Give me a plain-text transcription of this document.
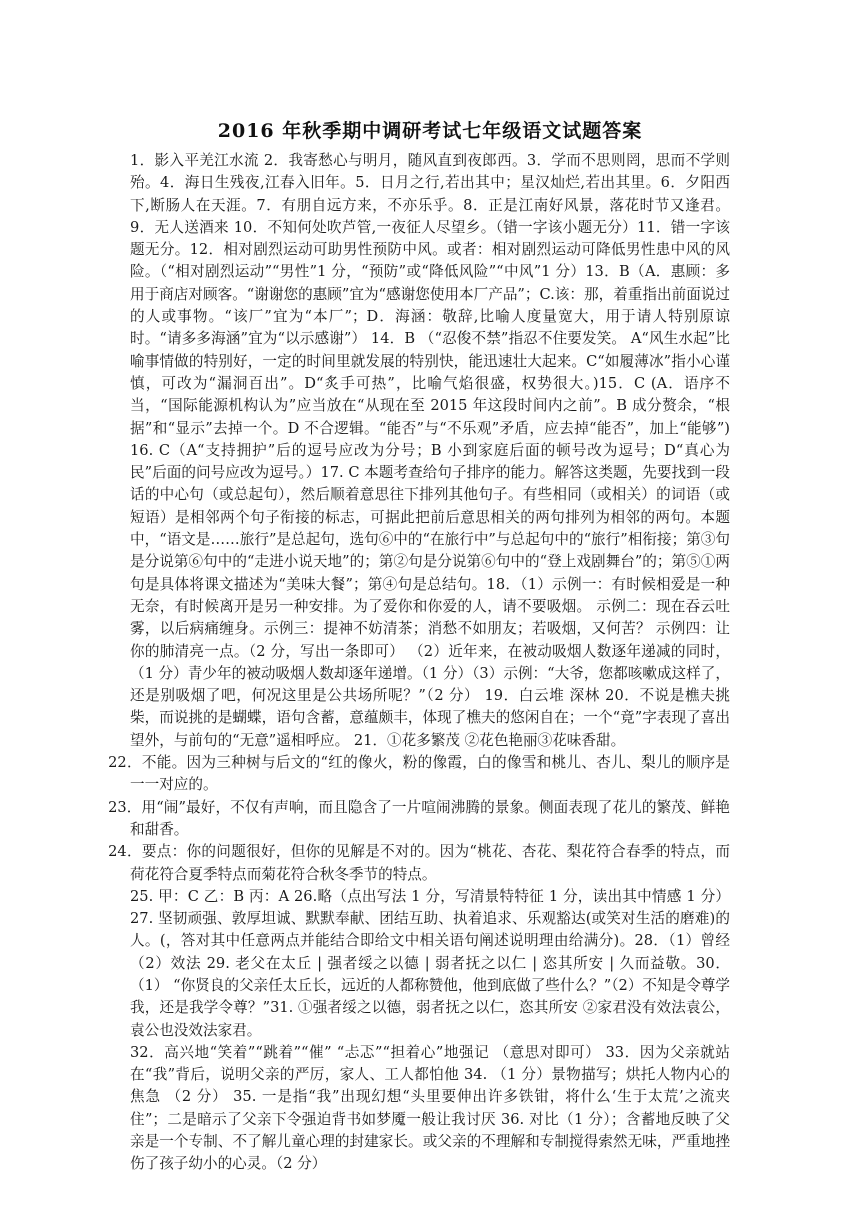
2016 年秋季期中调研考试七年级语文试题答案

1．影入平羌江水流 2．我寄愁心与明月，随风直到夜郎西。3．学而不思则罔，思而不学则殆。4．海日生残夜,江春入旧年。5．日月之行,若出其中；星汉灿烂,若出其里。6．夕阳西下,断肠人在天涯。7．有朋自远方来，不亦乐乎。8．正是江南好风景，落花时节又逢君。9．无人送酒来 10．不知何处吹芦管,一夜征人尽望乡。（错一字该小题无分）11．错一字该题无分。12．相对剧烈运动可助男性预防中风。或者：相对剧烈运动可降低男性患中风的风险。（“相对剧烈运动”“男性”1 分，“预防”或“降低风险”“中风”1 分）13．B（A．惠顾：多用于商店对顾客。“谢谢您的惠顾”宜为“感谢您使用本厂产品”；C.该：那，着重指出前面说过的人或事物。“该厂”宜为“本厂”；D．海涵：敬辞,比喻人度量宽大，用于请人特别原谅时。“请多多海涵”宜为“以示感谢”） 14．B （“忍俊不禁”指忍不住要发笑。 A“风生水起”比喻事情做的特别好，一定的时间里就发展的特别快，能迅速壮大起来。C“如履薄冰”指小心谨慎，可改为“漏洞百出”。D“炙手可热”，比喻气焰很盛，权势很大。)15．C (A．语序不当，“国际能源机构认为”应当放在“从现在至 2015 年这段时间内之前”。B 成分赘余，“根据”和“显示”去掉一个。D 不合逻辑。“能否”与“不乐观”矛盾，应去掉“能否”，加上“能够”) 16. C（A“支持拥护”后的逗号应改为分号；B 小到家庭后面的顿号改为逗号；D“真心为民”后面的问号应改为逗号。）17. C 本题考查给句子排序的能力。解答这类题，先要找到一段话的中心句（或总起句），然后顺着意思往下排列其他句子。有些相同（或相关）的词语（或短语）是相邻两个句子衔接的标志，可据此把前后意思相关的两句排列为相邻的两句。本题中，“语文是……旅行”是总起句，选句⑥中的“在旅行中”与总起句中的“旅行”相衔接；第③句是分说第⑥句中的“走进小说天地”的；第②句是分说第⑥句中的“登上戏剧舞台”的；第⑤①两句是具体将课文描述为“美味大餐”；第④句是总结句。18．（1）示例一：有时候相爱是一种无奈，有时候离开是另一种安排。为了爱你和你爱的人，请不要吸烟。 示例二：现在吞云吐雾，以后病痛缠身。示例三：提神不妨清茶；消愁不如朋友；若吸烟，又何苦？ 示例四：让你的肺清亮一点。（2 分，写出一条即可） （2）近年来，在被动吸烟人数逐年递减的同时，（1 分）青少年的被动吸烟人数却逐年递增。（1 分）（3）示例：“大爷，您都咳嗽成这样了，还是别吸烟了吧，何况这里是公共场所呢？”（2 分） 19．白云堆 深林 20．不说是樵夫挑柴，而说挑的是蝴蝶，语句含蓄，意蕴颇丰，体现了樵夫的悠闲自在；一个“竟”字表现了喜出望外，与前句的“无意”遥相呼应。 21．①花多繁茂 ②花色艳丽③花味香甜。

22．不能。因为三种树与后文的“红的像火，粉的像霞，白的像雪和桃儿、杏儿、梨儿的顺序是一一对应的。

23．用“闹”最好，不仅有声响，而且隐含了一片喧闹沸腾的景象。侧面表现了花儿的繁茂、鲜艳和甜香。

24．要点：你的问题很好，但你的见解是不对的。因为“桃花、杏花、梨花符合春季的特点，而荷花符合夏季特点而菊花符合秋冬季节的特点。

25. 甲：C 乙：B 丙：A 26.略（点出写法 1 分，写清景特特征 1 分，读出其中情感 1 分）27. 坚韧顽强、敦厚坦诚、默默奉献、团结互助、执着追求、乐观豁达(或笑对生活的磨难)的人。(，答对其中任意两点并能结合即给文中相关语句阐述说明理由给满分)。28．（1）曾经 （2）效法 29. 老父在太丘 | 强者绥之以德 | 弱者抚之以仁 | 恣其所安 | 久而益敬。30．（1） “你贤良的父亲任太丘长，远近的人都称赞他，他到底做了些什么？”（2）不知是令尊学我，还是我学令尊？”31. ①强者绥之以德，弱者抚之以仁，恣其所安 ②家君没有效法袁公，袁公也没效法家君。

32．高兴地“笑着”“跳着”“催” “忐忑”“担着心”地强记 （意思对即可） 33．因为父亲就站在“我”背后，说明父亲的严厉，家人、工人都怕他 34. （1 分）景物描写；烘托人物内心的焦急 （2 分） 35. 一是指“我”出现幻想“头里要伸出许多铁钳，将什么‘生于太荒’之流夹住”；二是暗示了父亲下令强迫背书如梦魇一般让我讨厌 36. 对比（1 分）；含蓄地反映了父亲是一个专制、不了解儿童心理的封建家长。或父亲的不理解和专制搅得索然无味，严重地挫伤了孩子幼小的心灵。（2 分）
